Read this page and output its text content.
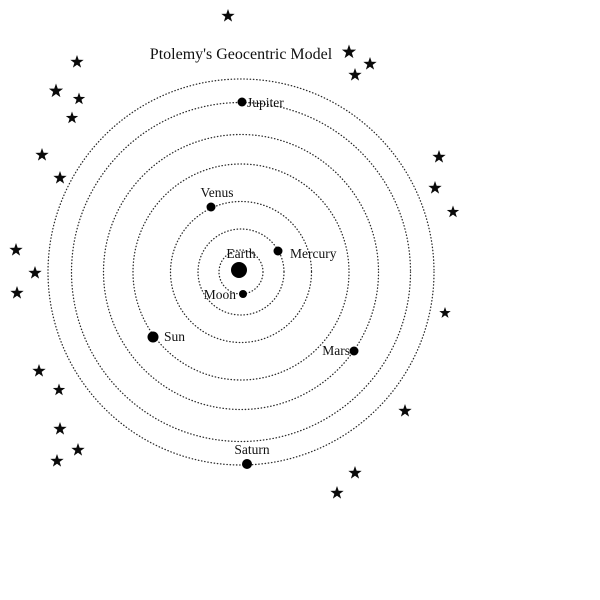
Ptolemy's Geocentric Model
Earth
Moon
Mercury
Venus
Sun
Mars
Jupiter
Saturn
